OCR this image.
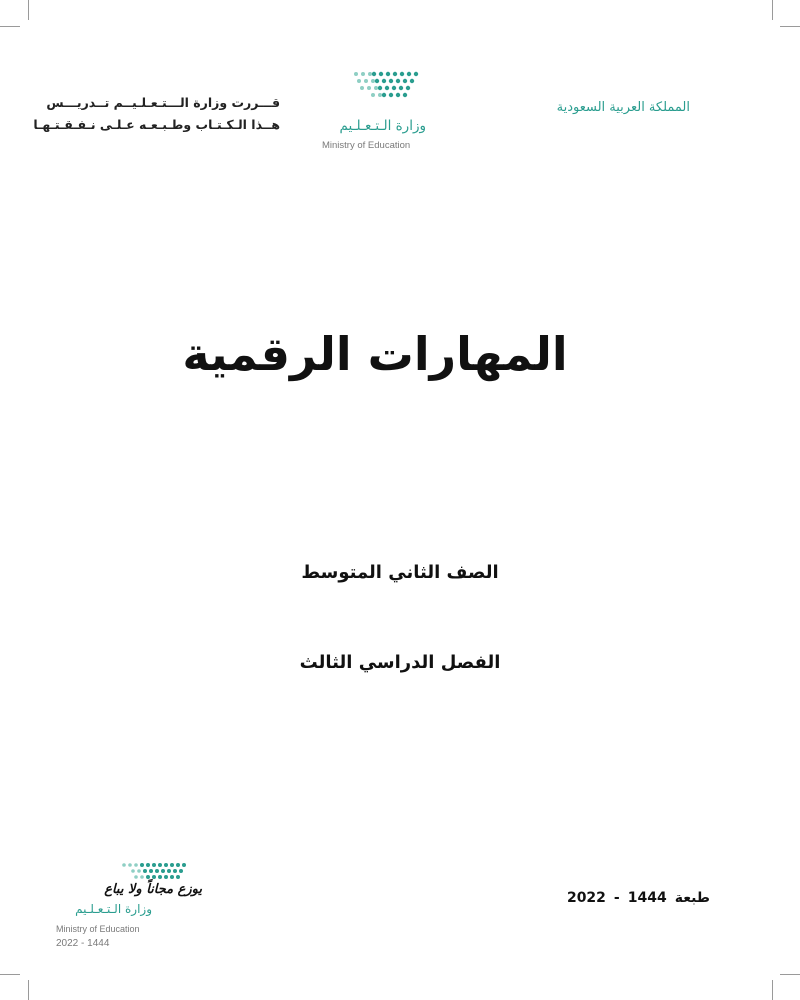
قـــررت وزارة الـــتـعـلـيــم تــدريـــس
هــذا الـكـتـاب وطـبـعـه عـلـى نـفـقـتـهـا	وزارة الـتـعـلـيم
Ministry of Education
المملكة العربية السعودية
المهارات الرقمية
الصف الثاني المتوسط
الفصل الدراسي الثالث
طبعة
1444
-
2022
يوزع مجاناً ولا يباع
وزارة الـتـعـلـيم
Ministry of Education
2022 - 1444
